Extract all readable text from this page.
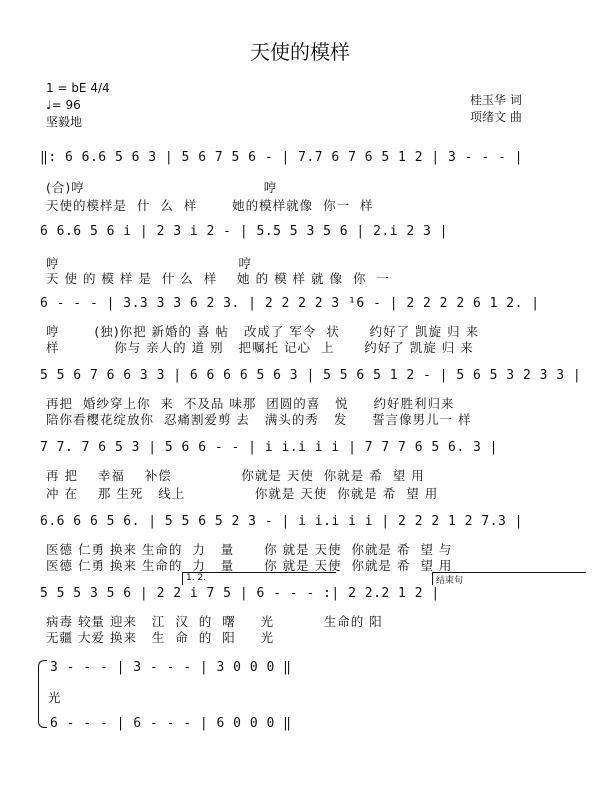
天使的模样
1 = bE 4/4
♩= 96
坚毅地
桂玉华 词
项绪文 曲
‖: 6 6.6 5 6 3 | 5 6 7 5 6 - | 7.7 6 7 6 5 1 2 | 3 - - - |
(合)哼                                    哼
天使的模样是  什  么  样       她的模样就像  你一  样
6 6.6 5 6 i | 2 3 i 2 - | 5.5 5 3 5 6 | 2.i 2 3 |
哼                                    哼
天 使 的 模 样 是  什 么  样    她 的 模 样 就 像  你  一
6 - - - | 3.3 3 3 6 2 3. | 2 2 2 2 3 ¹6 - | 2 2 2 2 6 1 2. |
哼       (独)你把 新婚的 喜 帖   改成了 军令  状      约好了 凯旋 归 来
样           你与 亲人的 道 别   把嘱托 记心  上      约好了 凯旋 归 来
5 5 6 7 6 6 3 3 | 6 6 6 6 5 6 3 | 5 5 6 5 1 2 - | 5 6 5 3 2 3 3 |
再把  婚纱穿上你  来  不及品 味那  团圆的喜   悦     约好胜利归来
陪你看樱花绽放你  忍痛割爱剪 去   满头的秀   发     誓言像男儿一 样
7 7. 7 6 5 3 | 5 6 6 - - | i i.i i i | 7 7 7 6 5 6. 3 |
再 把    幸福    补偿              你就是 天使  你就是 希  望 用
冲 在    那 生死   线上              你就是 天使  你就是 希  望 用
6.6 6 6 5 6. | 5 5 6 5 2 3 - | i i.i i i | 2 2 2 1 2 7.3 |
医德 仁勇 换来 生命的  力   量      你 就是 天使  你就是 希  望 与
医德 仁勇 换来 生命的  力   量      你 就是 天使  你就是 希  望 用
1. 2.	结束句
5 5 5 3 5 6 | 2 2 i 7 5 | 6 - - - :| 2 2.2 1 2 |
病毒 较量 迎来   江  汉  的  曙     光          生命的 阳
无疆 大爱 换来   生  命  的  阳     光
3 - - - | 3 - - - | 3 0 0 0 ‖
光
6 - - - | 6 - - - | 6 0 0 0 ‖
